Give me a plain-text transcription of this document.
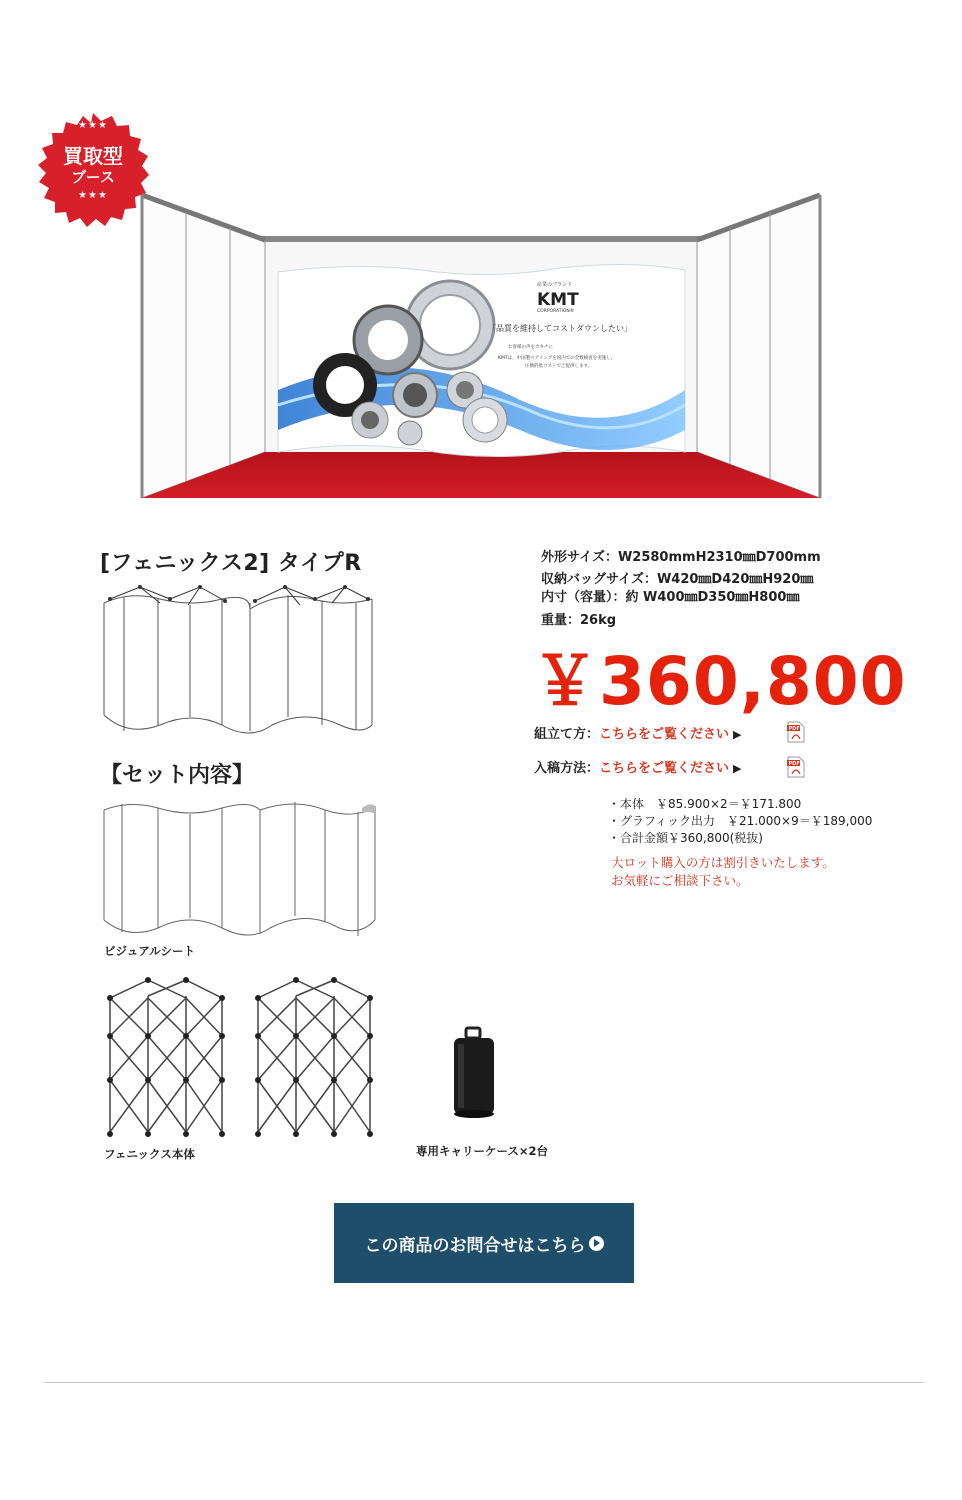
★★★
買取型
ブース
★★★
産業のブランド
KMT
CORPORATION®
「品質を維持してコストダウンしたい」
お客様の声をカタチに
KMTは、中国製ベアリングを国内での全数検査を実施し、
圧倒的低コストでご提供します。
[フェニックス2] タイプR
【セット内容】
ビジュアルシート
フェニックス本体	専用キャリーケース×2台
外形サイズ：W2580mmH2310㎜D700mm
収納バッグサイズ：W420㎜D420㎜H920㎜
内寸（容量）：約 W400㎜D350㎜H800㎜
重量：26kg
￥360,800
組立て方：こちらをご覧ください ▶	PDF
入稿方法：こちらをご覧ください ▶	PDF
・本体　￥85.900×2＝￥171.800
・グラフィック出力　￥21.000×9＝￥189,000
・合計金額￥360,800(税抜)
大ロット購入の方は割引きいたします。
お気軽にご相談下さい。
この商品のお問合せはこちら
